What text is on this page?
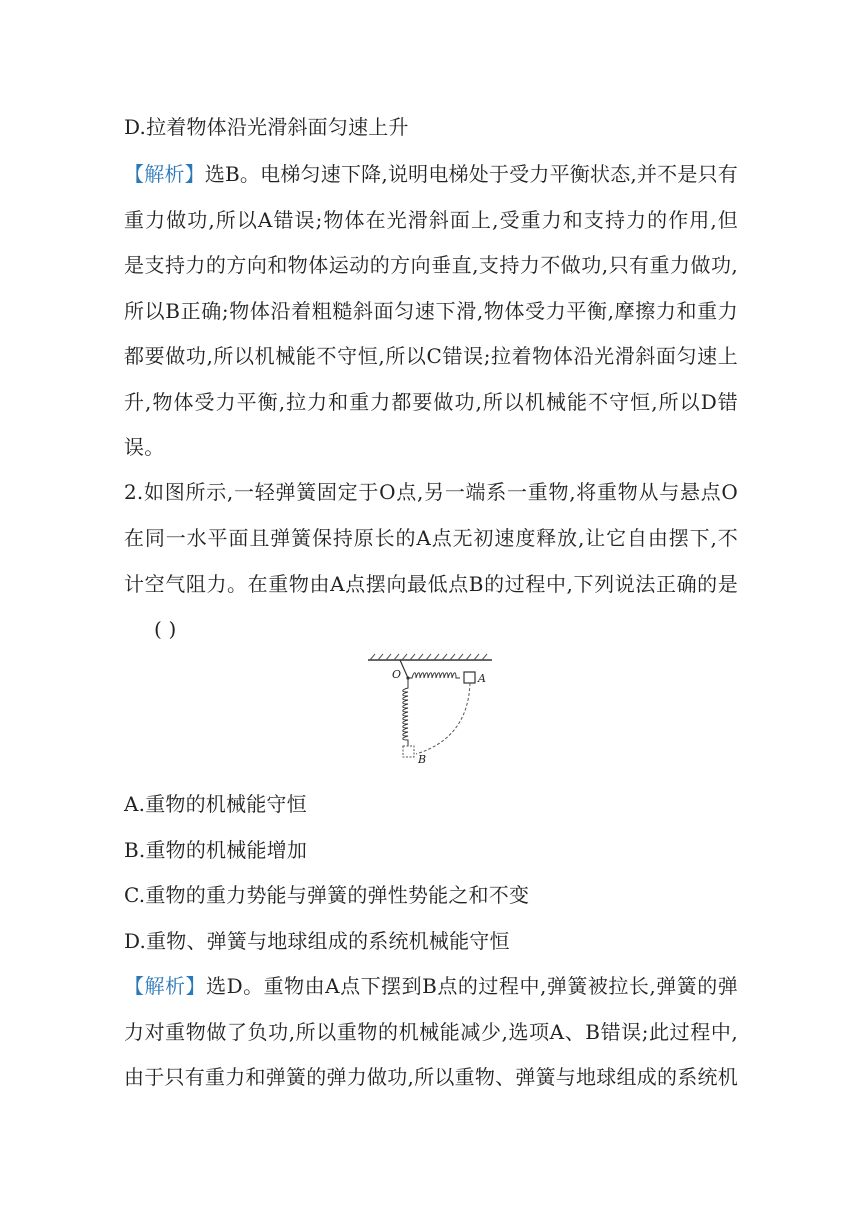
D.拉着物体沿光滑斜面匀速上升
【解析】选B。电梯匀速下降,说明电梯处于受力平衡状态,并不是只有
重力做功,所以A错误;物体在光滑斜面上,受重力和支持力的作用,但
是支持力的方向和物体运动的方向垂直,支持力不做功,只有重力做功,
所以B正确;物体沿着粗糙斜面匀速下滑,物体受力平衡,摩擦力和重力
都要做功,所以机械能不守恒,所以C错误;拉着物体沿光滑斜面匀速上
升,物体受力平衡,拉力和重力都要做功,所以机械能不守恒,所以D错
误。
2.如图所示,一轻弹簧固定于O点,另一端系一重物,将重物从与悬点O
在同一水平面且弹簧保持原长的A点无初速度释放,让它自由摆下,不
计空气阻力。在重物由A点摆向最低点B的过程中,下列说法正确的是
( )
O	A
B
A.重物的机械能守恒
B.重物的机械能增加
C.重物的重力势能与弹簧的弹性势能之和不变
D.重物、弹簧与地球组成的系统机械能守恒
【解析】选D。重物由A点下摆到B点的过程中,弹簧被拉长,弹簧的弹
力对重物做了负功,所以重物的机械能减少,选项A、B错误;此过程中,
由于只有重力和弹簧的弹力做功,所以重物、弹簧与地球组成的系统机
